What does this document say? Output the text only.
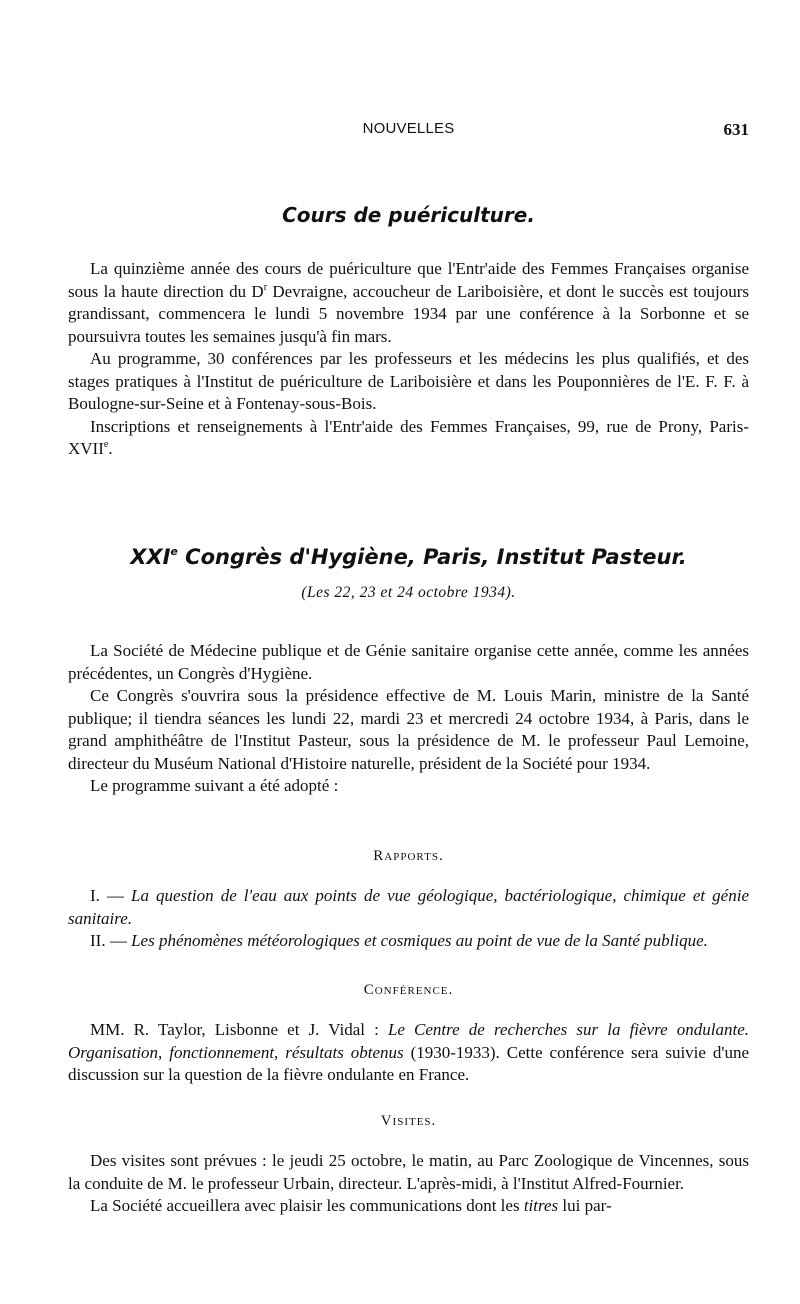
NOUVELLES	631
Cours de puériculture.

La quinzième année des cours de puériculture que l'Entr'aide des Femmes Françaises organise sous la haute direction du $D^r$ Devraigne, accoucheur de Lariboisière, et dont le succès est toujours grandissant, commencera le lundi 5 novembre 1934 par une conférence à la Sorbonne et se poursuivra toutes les semaines jusqu'à fin mars.

Au programme, 30 conférences par les professeurs et les médecins les plus qualifiés, et des stages pratiques à l'Institut de puériculture de Lariboisière et dans les Pouponnières de l'E. F. F. à Boulogne-sur-Seine et à Fontenay-sous-Bois.

Inscriptions et renseignements à l'Entr'aide des Femmes Françaises, 99, rue de Prony, Paris-XVIIe.

XXIe Congrès d'Hygiène, Paris, Institut Pasteur.
(Les 22, 23 et 24 octobre 1934).

La Société de Médecine publique et de Génie sanitaire organise cette année, comme les années précédentes, un Congrès d'Hygiène.

Ce Congrès s'ouvrira sous la présidence effective de M. Louis Marin, ministre de la Santé publique; il tiendra séances les lundi 22, mardi 23 et mercredi 24 octobre 1934, à Paris, dans le grand amphithéâtre de l'Institut Pasteur, sous la présidence de M. le professeur Paul Lemoine, directeur du Muséum National d'Histoire naturelle, président de la Société pour 1934.

Le programme suivant a été adopté :

Rapports.

I. — La question de l'eau aux points de vue géologique, bactériologique, chimique et génie sanitaire.

II. — Les phénomènes météorologiques et cosmiques au point de vue de la Santé publique.

Conférence.

MM. R. Taylor, Lisbonne et J. Vidal : Le Centre de recherches sur la fièvre ondulante. Organisation, fonctionnement, résultats obtenus (1930-1933). Cette conférence sera suivie d'une discussion sur la question de la fièvre ondulante en France.

Visites.

Des visites sont prévues : le jeudi 25 octobre, le matin, au Parc Zoologique de Vincennes, sous la conduite de M. le professeur Urbain, directeur. L'après-midi, à l'Institut Alfred-Fournier.

La Société accueillera avec plaisir les communications dont les titres lui par-
